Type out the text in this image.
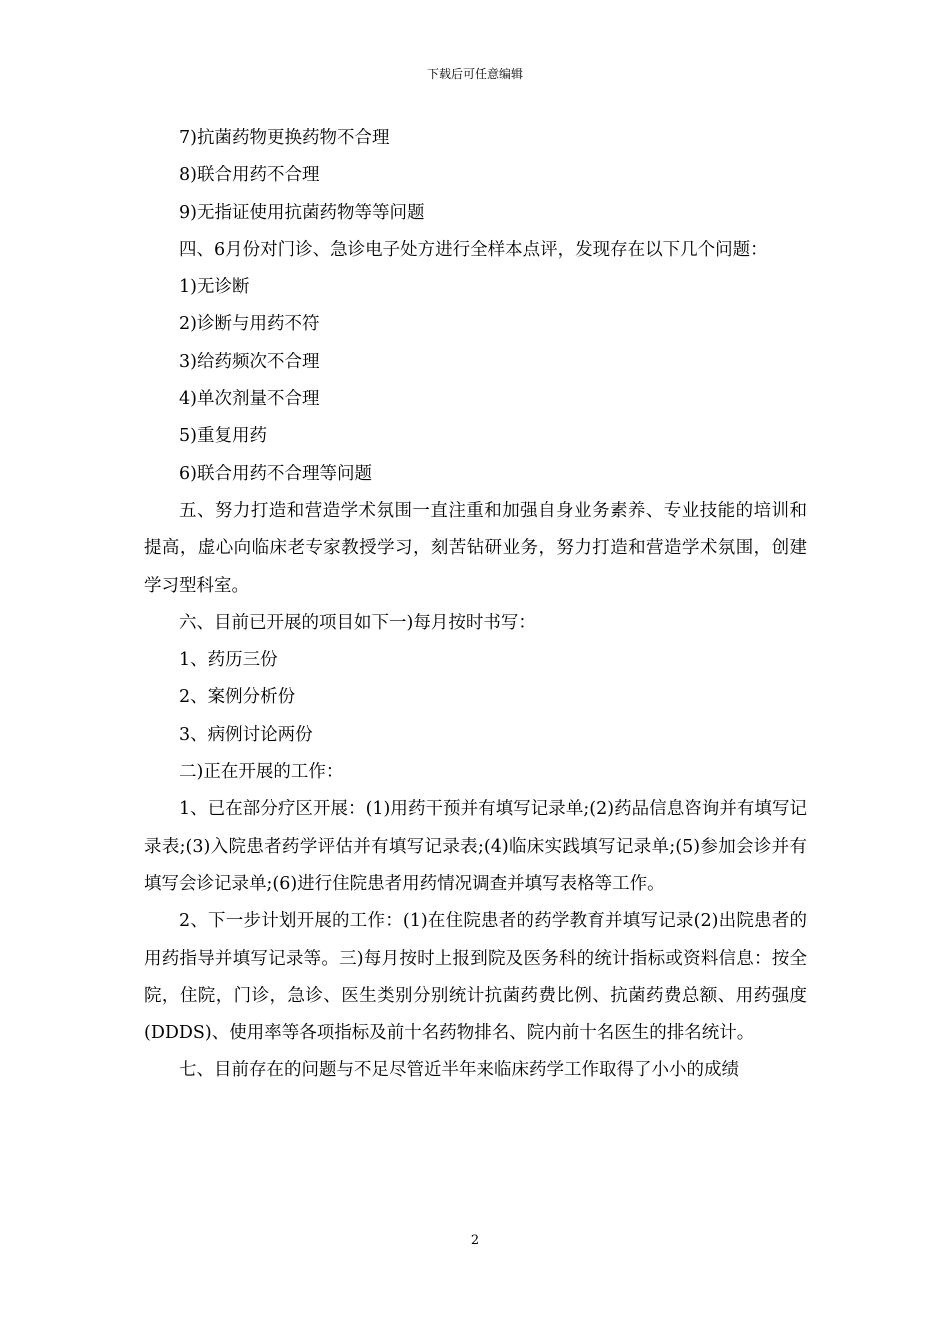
下载后可任意编辑

7)抗菌药物更换药物不合理

8)联合用药不合理

9)无指证使用抗菌药物等等问题

四、6月份对门诊、急诊电子处方进行全样本点评，发现存在以下几个问题：

1)无诊断

2)诊断与用药不符

3)给药频次不合理

4)单次剂量不合理

5)重复用药

6)联合用药不合理等问题

五、努力打造和营造学术氛围一直注重和加强自身业务素养、专业技能的培训和提高，虚心向临床老专家教授学习，刻苦钻研业务，努力打造和营造学术氛围，创建学习型科室。

六、目前已开展的项目如下一)每月按时书写：

1、药历三份

2、案例分析份

3、病例讨论两份

二)正在开展的工作：

1、已在部分疗区开展：(1)用药干预并有填写记录单;(2)药品信息咨询并有填写记录表;(3)入院患者药学评估并有填写记录表;(4)临床实践填写记录单;(5)参加会诊并有填写会诊记录单;(6)进行住院患者用药情况调查并填写表格等工作。

2、下一步计划开展的工作：(1)在住院患者的药学教育并填写记录(2)出院患者的用药指导并填写记录等。三)每月按时上报到院及医务科的统计指标或资料信息：按全院，住院，门诊，急诊、医生类别分别统计抗菌药费比例、抗菌药费总额、用药强度(DDDS)、使用率等各项指标及前十名药物排名、院内前十名医生的排名统计。

七、目前存在的问题与不足尽管近半年来临床药学工作取得了小小的成绩

2
